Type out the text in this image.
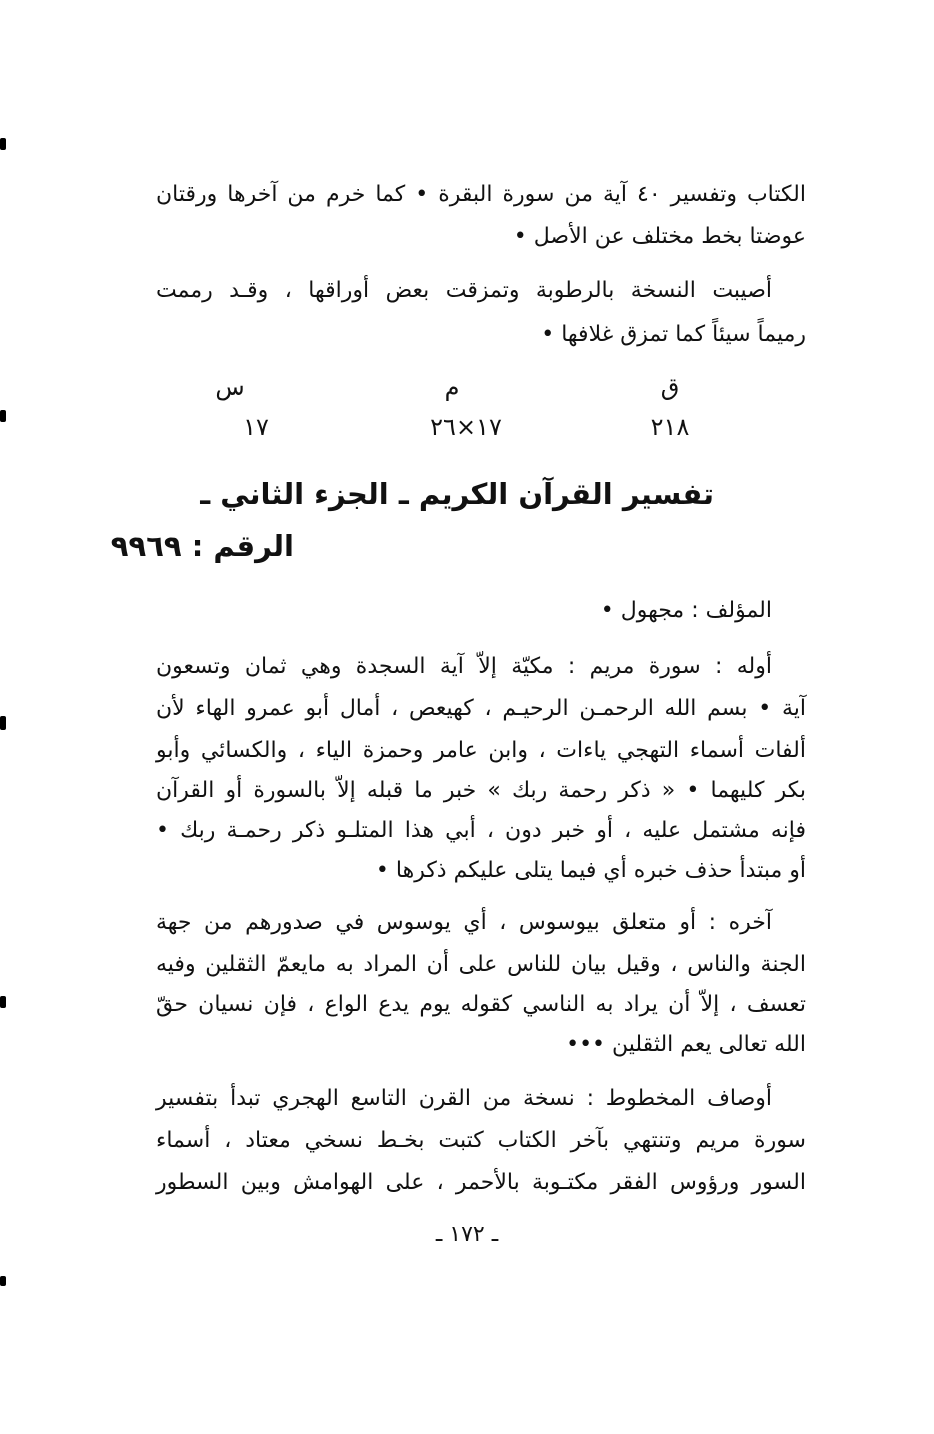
الكتاب وتفسير ٤٠ آية من سورة البقرة • كما خرم من آخرها ورقتان
عوضتا بخط مختلف عن الأصل •
أصيبت النسخة بالرطوبة وتمزقت بعض أوراقها ، وقـد رممت
رميماً سيئاً كما تمزق غلافها •
ق
م
س
٢١٨
١٧×٢٦
١٧
تفسير القرآن الكريم ـ الجزء الثاني ـ
الرقم : ٩٩٦٩
المؤلف : مجهول •
أوله : سورة مريم : مكيّة إلاّ آية السجدة وهي ثمان وتسعون
آية • بسم الله الرحمـن الرحيـم ، كهيعص ، أمال أبو عمرو الهاء لأن
ألفات أسماء التهجي ياءات ، وابن عامر وحمزة الياء ، والكسائي وأبو
بكر كليهما • « ذكر رحمة ربك » خبر ما قبله إلاّ بالسورة أو القرآن
فإنه مشتمل عليه ، أو خبر دون ، أبي هذا المتلـو ذكر رحمـة ربك •
أو مبتدأ حذف خبره أي فيما يتلى عليكم ذكرها •
آخره : أو متعلق بيوسوس ، أي يوسوس في صدورهم من جهة
الجنة والناس ، وقيل بيان للناس على أن المراد به مايعمّ الثقلين وفيه
تعسف ، إلاّ أن يراد به الناسي كقوله يوم يدع الواع ، فإن نسيان حقّ
الله تعالى يعم الثقلين •••
أوصاف المخطوط : نسخة من القرن التاسع الهجري تبدأ بتفسير
سورة مريم وتنتهي بآخر الكتاب كتبت بخـط نسخي معتاد ، أسماء
السور ورؤوس الفقر مكتـوبة بالأحمر ، على الهوامش وبين السطور
ـ ١٧٢ ـ
